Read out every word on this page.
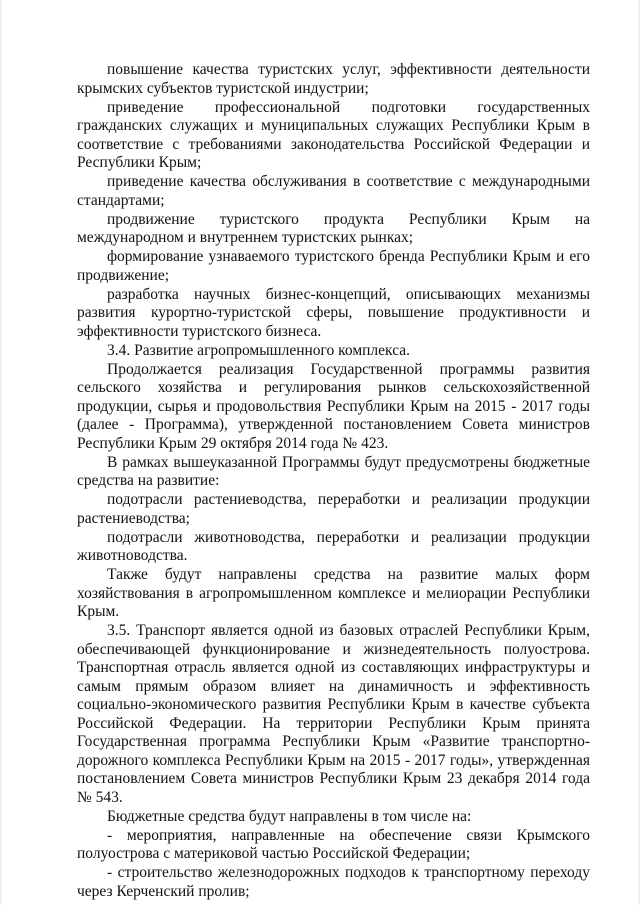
повышение качества туристских услуг, эффективности деятельности крымских субъектов туристской индустрии;

приведение профессиональной подготовки государственных гражданских служащих и муниципальных служащих Республики Крым в соответствие с требованиями законодательства Российской Федерации и Республики Крым;

приведение качества обслуживания в соответствие с международными стандартами;

продвижение туристского продукта Республики Крым на международном и внутреннем туристских рынках;

формирование узнаваемого туристского бренда Республики Крым и его продвижение;

разработка научных бизнес-концепций, описывающих механизмы развития курортно-туристской сферы, повышение продуктивности и эффективности туристского бизнеса.

3.4. Развитие агропромышленного комплекса.

Продолжается реализация Государственной программы развития сельского хозяйства и регулирования рынков сельскохозяйственной продукции, сырья и продовольствия Республики Крым на 2015 - 2017 годы (далее - Программа), утвержденной постановлением Совета министров Республики Крым 29 октября 2014 года № 423.

В рамках вышеуказанной Программы будут предусмотрены бюджетные средства на развитие:

подотрасли растениеводства, переработки и реализации продукции растениеводства;

подотрасли животноводства, переработки и реализации продукции животноводства.

Также будут направлены средства на развитие малых форм хозяйствования в агропромышленном комплексе и мелиорации Республики Крым.

3.5. Транспорт является одной из базовых отраслей Республики Крым, обеспечивающей функционирование и жизнедеятельность полуострова. Транспортная отрасль является одной из составляющих инфраструктуры и самым прямым образом влияет на динамичность и эффективность социально-экономического развития Республики Крым в качестве субъекта Российской Федерации. На территории Республики Крым принята Государственная программа Республики Крым «Развитие транспортно-дорожного комплекса Республики Крым на 2015 - 2017 годы», утвержденная постановлением Совета министров Республики Крым 23 декабря 2014 года № 543.

Бюджетные средства будут направлены в том числе на:

- мероприятия, направленные на обеспечение связи Крымского полуострова с материковой частью Российской Федерации;

- строительство железнодорожных подходов к транспортному переходу через Керченский пролив;
